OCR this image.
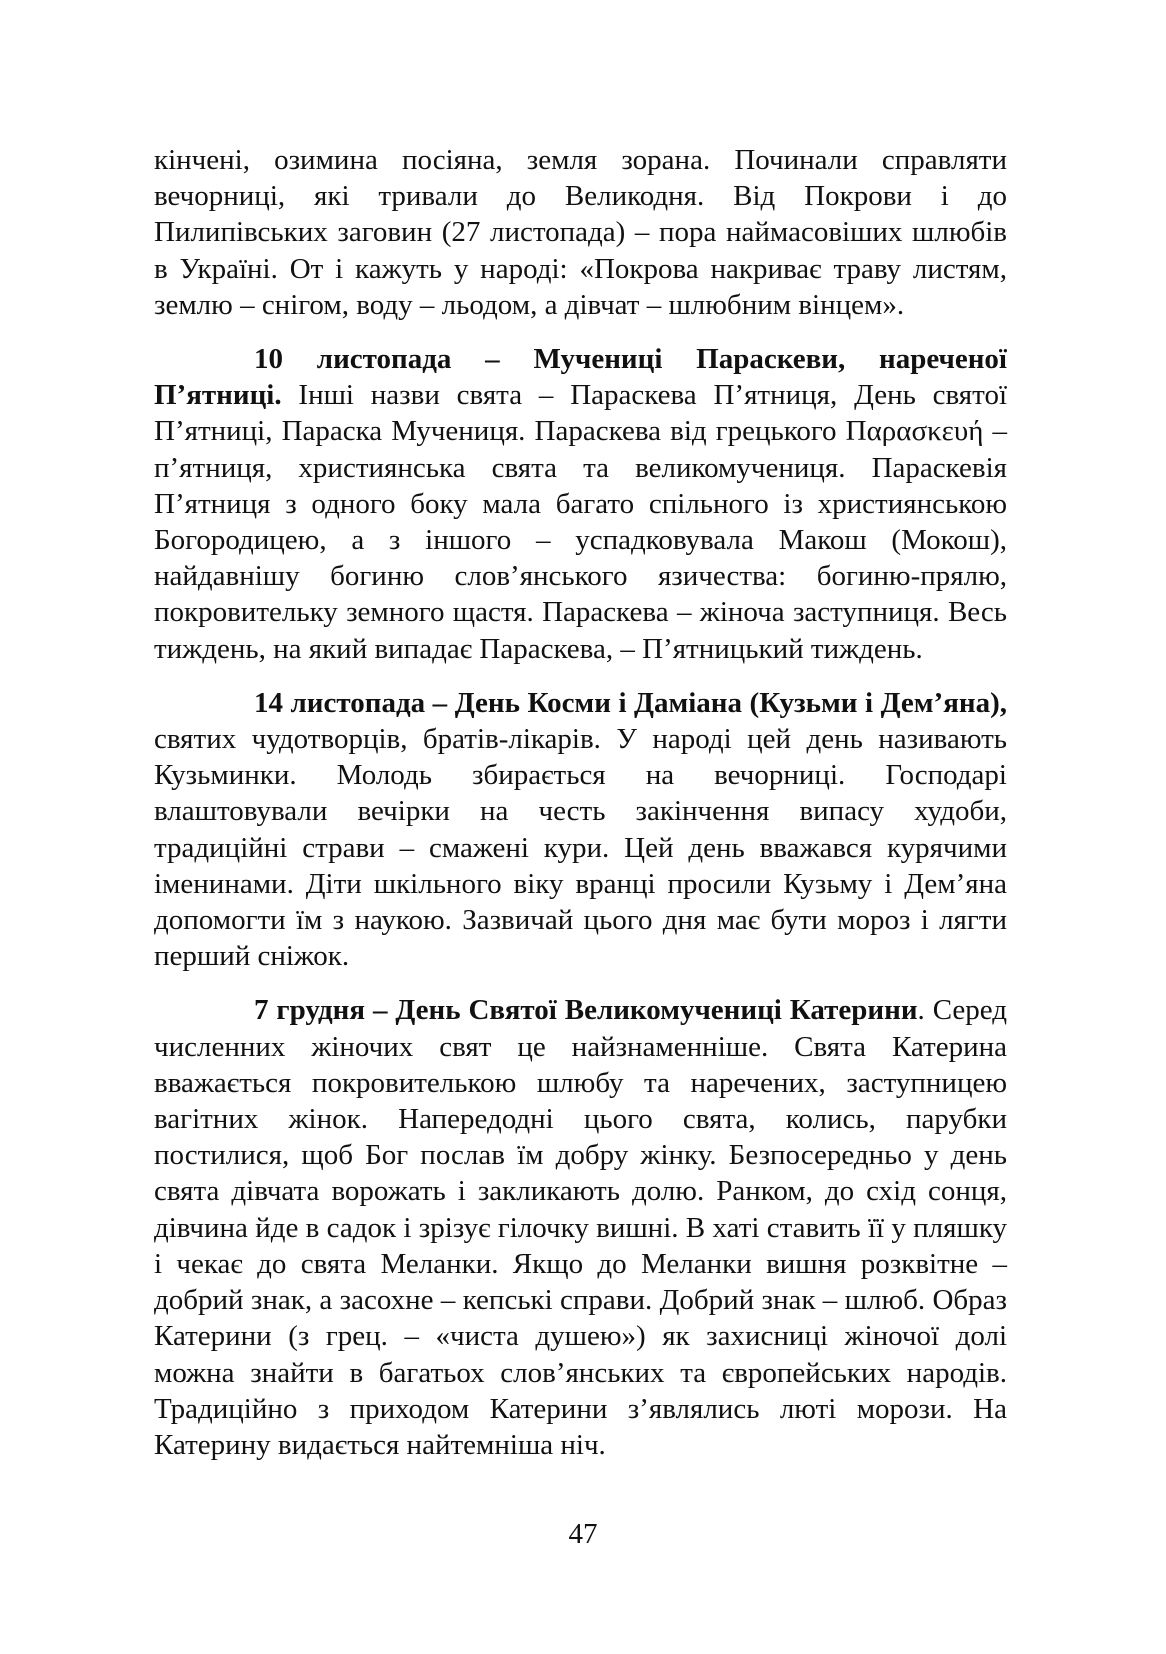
кінчені, озимина посіяна, земля зорана. Починали справляти вечорниці, які тривали до Великодня. Від Покрови і до Пилипівських заговин (27 листопада) – пора наймасовіших шлюбів в Україні. От і кажуть у народі: «Покрова накриває траву листям, землю – снігом, воду – льодом, а дівчат – шлюбним вінцем».

10 листопада – Мучениці Параскеви, нареченої П’ятниці. Інші назви свята – Параскева П’ятниця, День святої П’ятниці, Параска Мучениця. Параскева від грецького Παρασκευή – п’ятниця, християнська свята та великомучениця. Параскевія П’ятниця з одного боку мала багато спільного із християнською Богородицею, а з іншого – успадковувала Макош (Мокош), найдавнішу богиню слов’янського язичества: богиню-прялю, покровительку земного щастя. Параскева – жіноча заступниця. Весь тиждень, на який випадає Параскева, – П’ятницький тиждень.

14 листопада – День Косми і Даміана (Кузьми і Дем’яна), святих чудотворців, братів-лікарів. У народі цей день називають Кузьминки. Молодь збирається на вечорниці. Господарі влаштовували вечірки на честь закінчення випасу худоби, традиційні страви – смажені кури. Цей день вважався курячими іменинами. Діти шкільного віку вранці просили Кузьму і Дем’яна допомогти їм з наукою. Зазвичай цього дня має бути мороз і лягти перший сніжок.

7 грудня – День Святої Великомучениці Катерини. Серед численних жіночих свят це найзнаменніше. Свята Катерина вважається покровителькою шлюбу та наречених, заступницею вагітних жінок. Напередодні цього свята, колись, парубки постилися, щоб Бог послав їм добру жінку. Безпосередньо у день свята дівчата ворожать і закликають долю. Ранком, до схід сонця, дівчина йде в садок і зрізує гілочку вишні. В хаті ставить її у пляшку і чекає до свята Меланки. Якщо до Меланки вишня розквітне – добрий знак, а засохне – кепські справи. Добрий знак – шлюб. Образ Катерини (з грец. – «чиста душею») як захисниці жіночої долі можна знайти в багатьох слов’янських та європейських народів. Традиційно з приходом Катерини з’являлись люті морози. На Катерину видається найтемніша ніч.

47
